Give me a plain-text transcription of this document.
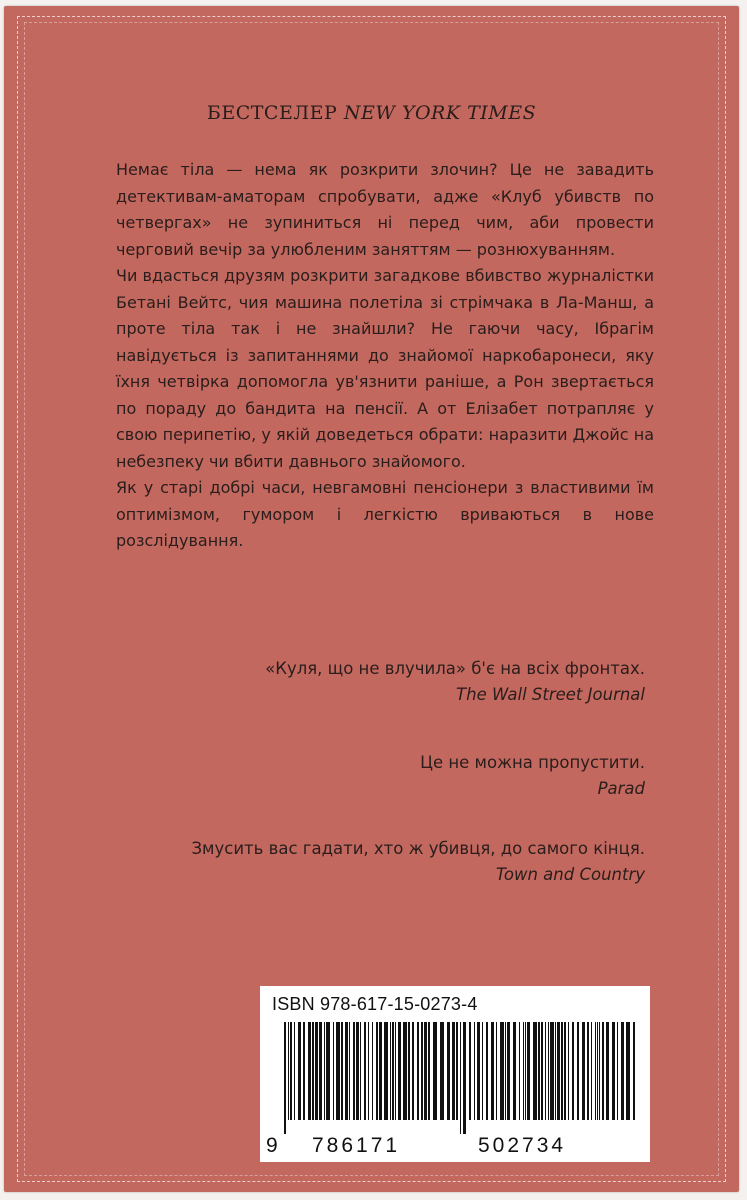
БЕСТСЕЛЕР NEW YORK TIMES

Немає тіла — нема як розкрити злочин? Це не завадить детективам-аматорам спробувати, адже «Клуб убивств по четвергах» не зупиниться ні перед чим, аби провести черговий вечір за улюбленим заняттям — рознюхуванням.

Чи вдасться друзям розкрити загадкове вбивство журналістки Бетані Вейтс, чия машина полетіла зі стрімчака в Ла-Манш, а проте тіла так і не знайшли? Не гаючи часу, Ібрагім навідується із запитаннями до знайомої наркобаронеси, яку їхня четвірка допомогла ув'язнити раніше, а Рон звертається по пораду до бандита на пенсії. А от Елізабет потрапляє у свою перипетію, у якій доведеться обрати: наразити Джойс на небезпеку чи вбити давнього знайомого.

Як у старі добрі часи, невгамовні пенсіонери з властивими їм оптимізмом, гумором і легкістю вриваються в нове розслідування.

«Куля, що не влучила» б'є на всіх фронтах.
The Wall Street Journal
Це не можна пропустити.
Parad
Змусить вас гадати, хто ж убивця, до самого кінця.
Town and Country
ISBN 978-617-15-0273-4
9 786171	502734
